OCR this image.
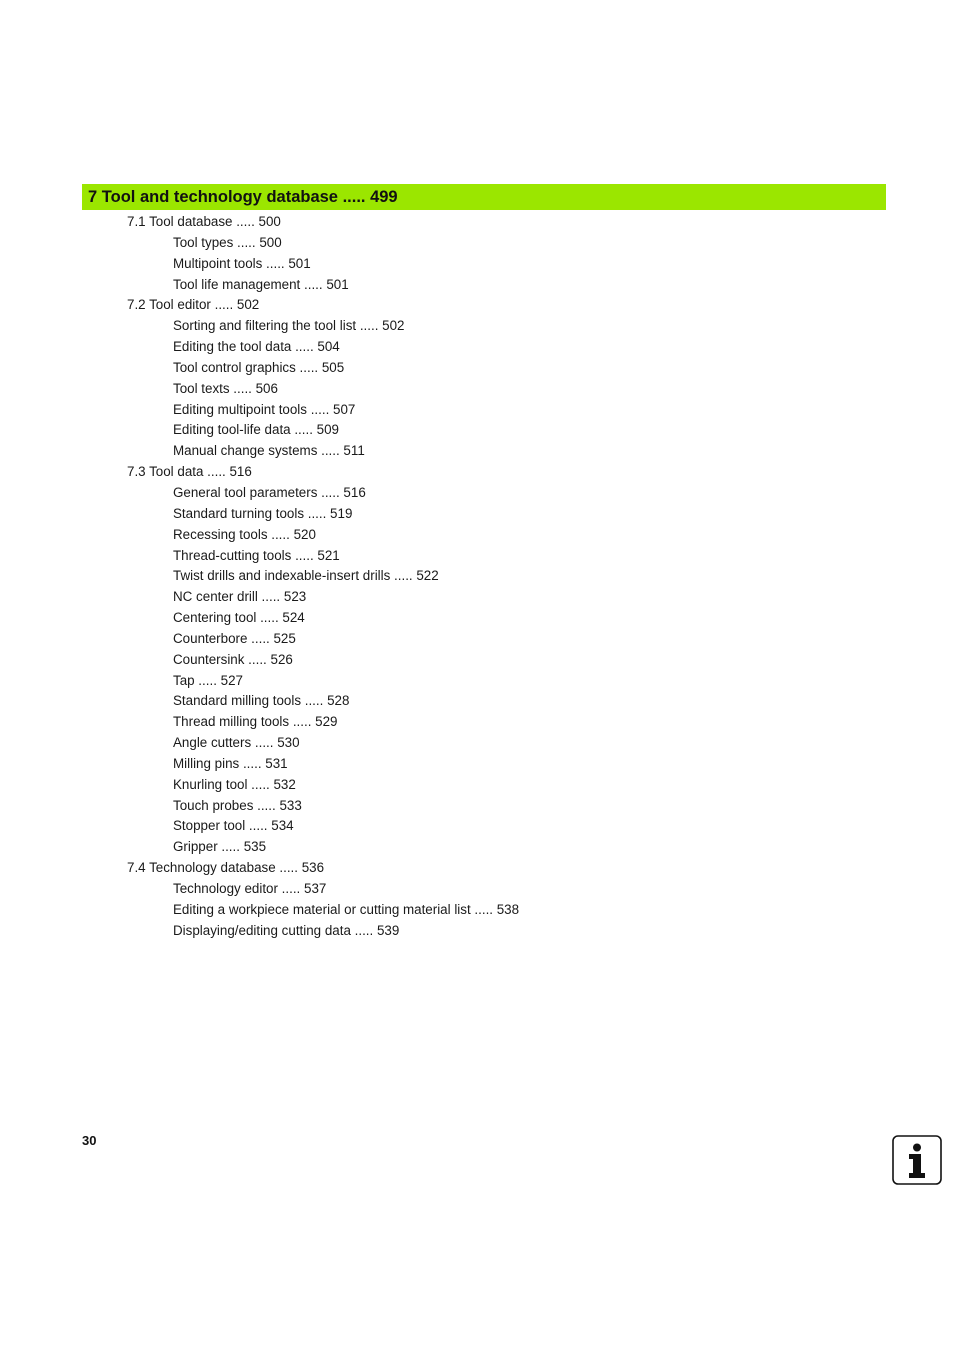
7 Tool and technology database ..... 499
7.1 Tool database ..... 500
Tool types ..... 500
Multipoint tools ..... 501
Tool life management ..... 501
7.2 Tool editor ..... 502
Sorting and filtering the tool list ..... 502
Editing the tool data ..... 504
Tool control graphics ..... 505
Tool texts ..... 506
Editing multipoint tools ..... 507
Editing tool-life data ..... 509
Manual change systems ..... 511
7.3 Tool data ..... 516
General tool parameters ..... 516
Standard turning tools ..... 519
Recessing tools ..... 520
Thread-cutting tools ..... 521
Twist drills and indexable-insert drills ..... 522
NC center drill ..... 523
Centering tool ..... 524
Counterbore ..... 525
Countersink ..... 526
Tap ..... 527
Standard milling tools ..... 528
Thread milling tools ..... 529
Angle cutters ..... 530
Milling pins ..... 531
Knurling tool ..... 532
Touch probes ..... 533
Stopper tool ..... 534
Gripper ..... 535
7.4 Technology database ..... 536
Technology editor ..... 537
Editing a workpiece material or cutting material list ..... 538
Displaying/editing cutting data ..... 539
30
